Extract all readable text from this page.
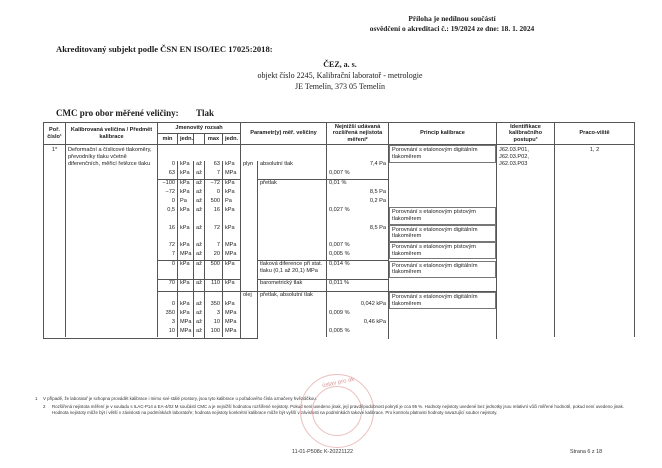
Příloha je nedílnou součástí
osvědčení o akreditaci č.: 19/2024 ze dne: 18. 1. 2024
Akreditovaný subjekt podle ČSN EN ISO/IEC 17025:2018:
ČEZ, a. s.
objekt číslo 2245, Kalibrační laboratoř - metrologie
JE Temelín, 373 05 Temelín
CMC pro obor měřené veličiny: Tlak
Poř. číslo¹	Kalibrovaná veličina / Předmět kalibrace	Jmenovitý rozsah					Parametr(y) měř. veličiny		Nejnižší udávaná rozšířená nejistota měření²	Princip kalibrace	Identifikace kalibračního postupu³	Praco-viště
		min	jedn.		max	jedn.						
1*	Deformační a číslicové tlakoměry, převodníky tlaku včetně diferenčních, měřicí řetězce tlaku									Porovnání s etalonovým digitálním tlakoměrem	J62.03.P01,
J62.03.P02,
J62.03.P03	1, 2
		0	kPa	až	63	kPa	plyn	absolutní tlak	7,4 Pa			
		63	kPa	až	7	MPa			0,007 %			
		−100	kPa	až	−72	kPa		přetlak	0,01 %			
		−72	kPa	až	0	kPa			8,5 Pa			
		0	Pa	až	500	Pa			0,2 Pa			
		0,5	kPa	až	16	kPa			0,027 %	Porovnání s etalonovým pístovým tlakoměrem		

		16	kPa	až	72	kPa			8,5 Pa	Porovnání s etalonovým digitálním tlakoměrem		

		72	kPa	až	7	MPa			0,007 %	Porovnání s etalonovým pístovým tlakoměrem		

		7	MPa	až	20	MPa			0,005 %			
		0	kPa	až	500	kPa		tlaková diference při stat. tlaku (0,1 až 20,1) MPa	0,014 %	Porovnání s etalonovým digitálním tlakoměrem		

		70	kPa	až	110	kPa		barometrický tlak	0,011 %			
							olej	přetlak, absolutní tlak		Porovnání s etalonovým digitálním tlakoměrem		

		0	kPa	až	350	kPa			0,042 kPa			
		350	kPa	až	3	MPa			0,009 %			
		3	MPa	až	10	MPa			0,46 kPa			
		10	MPa	až	100	MPa			0,005 %			

1 V případě, že laboratoř je schopna provádět kalibrace i mimo své stálé prostory, jsou tyto kalibrace u pořadového čísla označeny hvězdičkou.
2 Rozšířená nejistota měření je v souladu s ILAC-P14 a EA-4/02 M součástí CMC a je nejnižší hodnotou rozšířené nejistoty. Pokud není uvedeno jinak, její pravděpodobnost pokrytí je cca 95 %. Hodnoty nejistoty uvedené bez jednotky jsou relativní vůči měřené hodnotě, pokud není uvedeno jinak. Hodnota nejistoty může být i větší v závislosti na podmínkách laboratoře; hodnota nejistoty konkrétní kalibrace může být vyšší v závislosti na podmínkách takové kalibrace. Pro kontrolu platnosti hodnoty navazující soubor nejistoty.
ústav pro ak
11-01-P508c K-20221122	Strana 6 z 18
